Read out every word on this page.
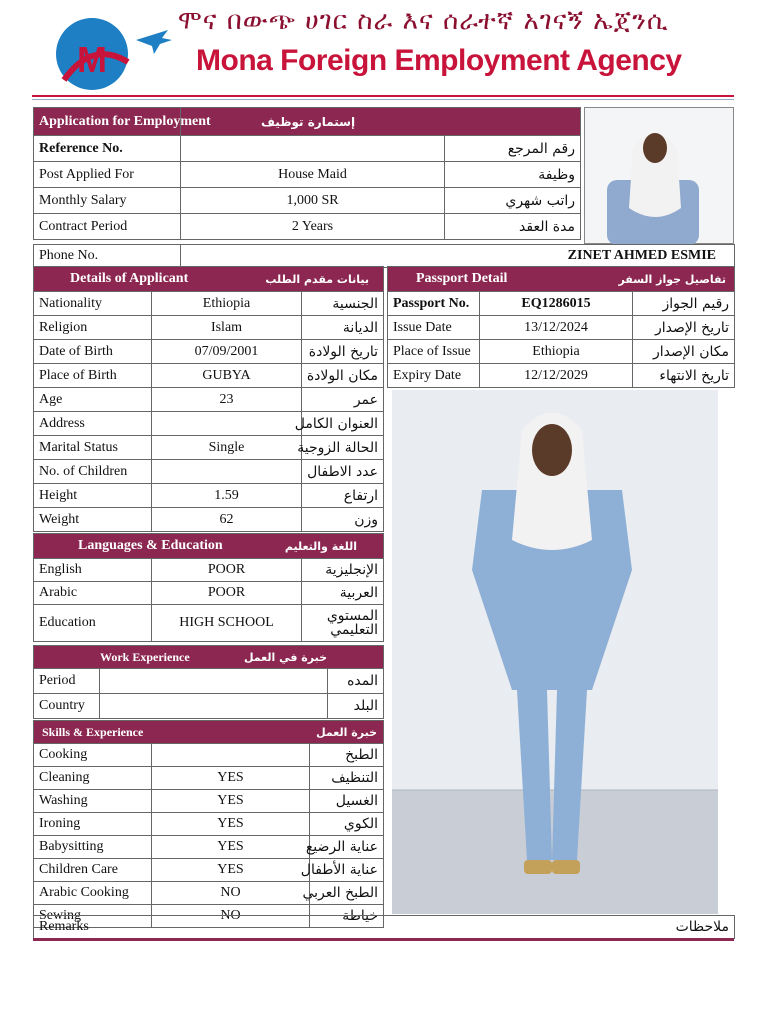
M
ሞና በውጭ ሀገር ስራ እና ሰራተኛ አገናኝ ኤጀንሲ
Mona Foreign Employment Agency
Application for Employment	إستمارة توظيف	
Reference No.		رقم المرجع
Post Applied For	House Maid	وظيفة
Monthly Salary	1,000 SR	راتب شهري
Contract Period	2 Years	مدة العقد
Phone No.	ZINET AHMED ESMIE
Details of Applicant بيانات مقدم الطلب		

Nationality	Ethiopia	الجنسية
Religion	Islam	الديانة
Date of Birth	07/09/2001	تاريخ الولادة
Place of Birth	GUBYA	مكان الولادة
Age	23	عمر
Address		العنوان الكامل
Marital Status	Single	الحالة الزوجية
No. of Children		عدد الاطفال
Height	1.59	ارتفاع
Weight	62	وزن
Languages & Education اللغة والتعليم		

English	POOR	الإنجليزية
Arabic	POOR	العربية
Education	HIGH SCHOOL	المستوي التعليمي
Work Experience خبرة في العمل		

Period		المده
Country		البلد
Skills & Experience خبرة العمل		

Cooking		الطبخ
Cleaning	YES	التنظيف
Washing	YES	الغسيل
Ironing	YES	الكوي
Babysitting	YES	عناية الرضيع
Children Care	YES	عناية الأطفال
Arabic Cooking	NO	الطبخ العربي
Sewing	NO	خياطة
Passport Detail تفاصيل جواز السفر		

Passport No.	EQ1286015	رقيم الجواز
Issue Date	13/12/2024	تاريخ الإصدار
Place of Issue	Ethiopia	مكان الإصدار
Expiry Date	12/12/2029	تاريخ الانتهاء
Remarks	ملاحظات
